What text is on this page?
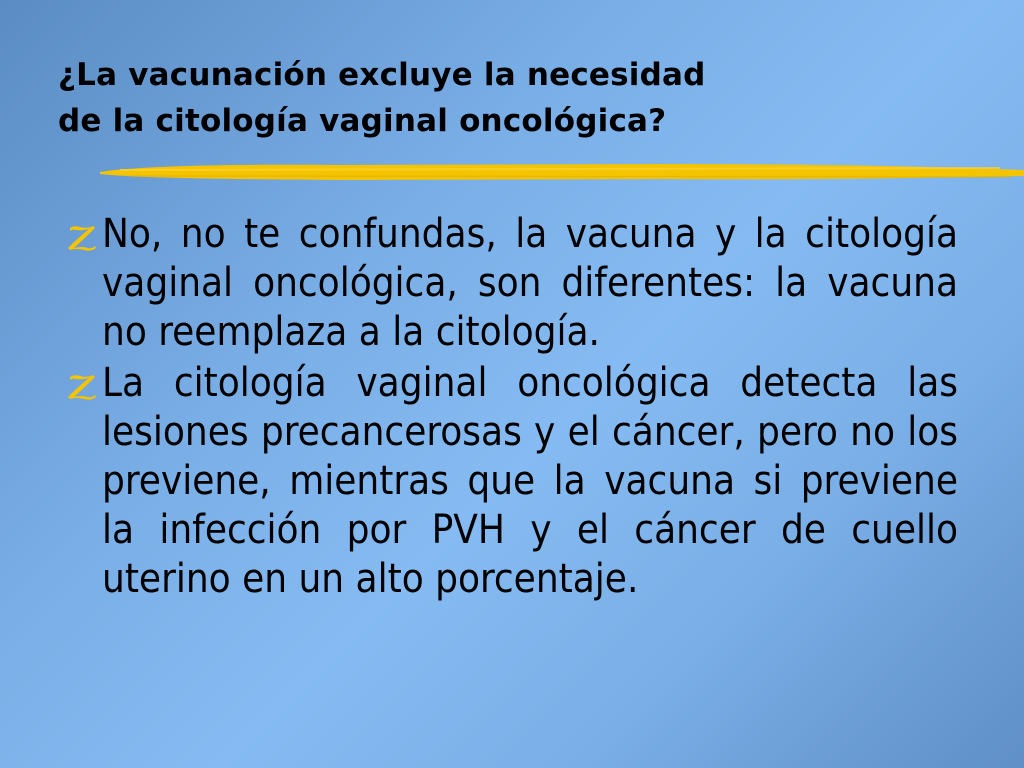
¿La vacunación excluye la necesidad
de la citología vaginal oncológica?
No, no te confundas, la vacuna y la citología vaginal oncológica, son diferentes: la vacuna no reemplaza a la citología.
La citología vaginal oncológica detecta las lesiones precancerosas y el cáncer, pero no los previene, mientras que la vacuna si previene la infección por PVH y el cáncer de cuello uterino en un alto porcentaje.
